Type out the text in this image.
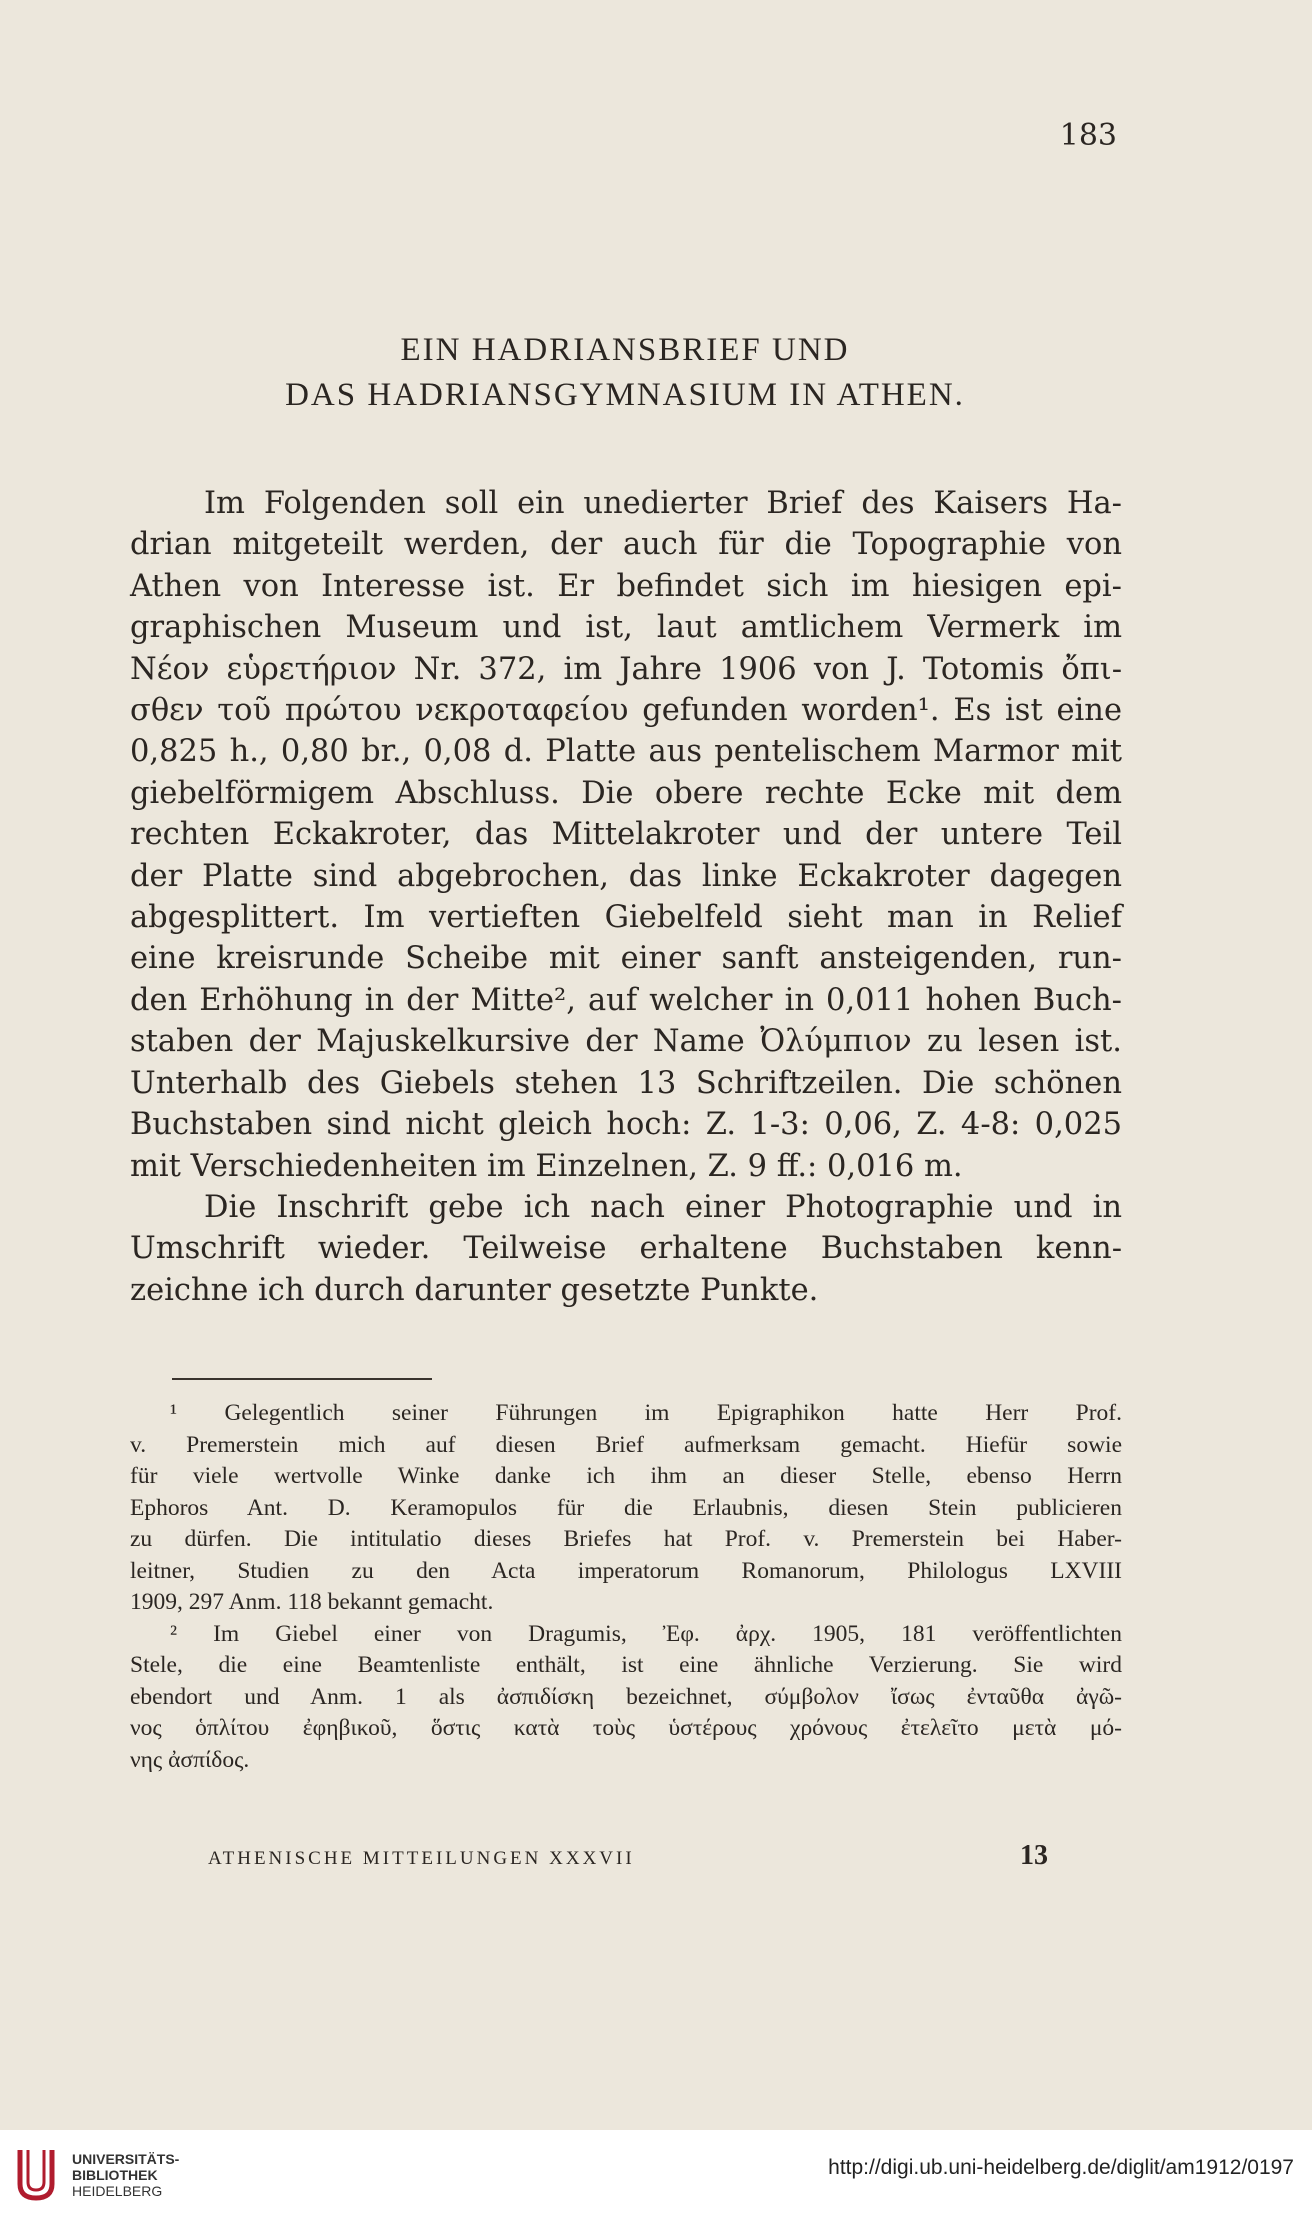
183
EIN HADRIANSBRIEF UND
DAS HADRIANSGYMNASIUM IN ATHEN.
Im Folgenden soll ein unedierter Brief des Kaisers Ha-
drian mitgeteilt werden, der auch für die Topographie von
Athen von Interesse ist. Er befindet sich im hiesigen epi-
graphischen Museum und ist, laut amtlichem Vermerk im
Νέον εὑρετήριον Nr. 372, im Jahre 1906 von J. Totomis ὄπι-
σθεν τοῦ πρώτου νεκροταφείου gefunden worden¹. Es ist eine
0,825 h., 0,80 br., 0,08 d. Platte aus pentelischem Marmor mit
giebelförmigem Abschluss. Die obere rechte Ecke mit dem
rechten Eckakroter, das Mittelakroter und der untere Teil
der Platte sind abgebrochen, das linke Eckakroter dagegen
abgesplittert. Im vertieften Giebelfeld sieht man in Relief
eine kreisrunde Scheibe mit einer sanft ansteigenden, run-
den Erhöhung in der Mitte², auf welcher in 0,011 hohen Buch-
staben der Majuskelkursive der Name Ὀλύμπιον zu lesen ist.
Unterhalb des Giebels stehen 13 Schriftzeilen. Die schönen
Buchstaben sind nicht gleich hoch: Z. 1-3: 0,06, Z. 4-8: 0,025
mit Verschiedenheiten im Einzelnen, Z. 9 ff.: 0,016 m.
Die Inschrift gebe ich nach einer Photographie und in
Umschrift wieder. Teilweise erhaltene Buchstaben kenn-
zeichne ich durch darunter gesetzte Punkte.
¹ Gelegentlich seiner Führungen im Epigraphikon hatte Herr Prof.
v. Premerstein mich auf diesen Brief aufmerksam gemacht. Hiefür sowie
für viele wertvolle Winke danke ich ihm an dieser Stelle, ebenso Herrn
Ephoros Ant. D. Keramopulos für die Erlaubnis, diesen Stein publicieren
zu dürfen. Die intitulatio dieses Briefes hat Prof. v. Premerstein bei Haber-
leitner, Studien zu den Acta imperatorum Romanorum, Philologus LXVIII
1909, 297 Anm. 118 bekannt gemacht.
² Im Giebel einer von Dragumis, Ἐφ. ἀρχ. 1905, 181 veröffentlichten
Stele, die eine Beamtenliste enthält, ist eine ähnliche Verzierung. Sie wird
ebendort und Anm. 1 als ἀσπιδίσκη bezeichnet, σύμβολον ἴσως ἐνταῦθα ἀγῶ-
νος ὁπλίτου ἐφηβικοῦ, ὅστις κατὰ τοὺς ὑστέρους χρόνους ἐτελεῖτο μετὰ μό-
νης ἀσπίδος.
ATHENISCHE MITTEILUNGEN XXXVII	13
UNIVERSITÄTS-
BIBLIOTHEK
HEIDELBERG
http://digi.ub.uni-heidelberg.de/diglit/am1912/0197
